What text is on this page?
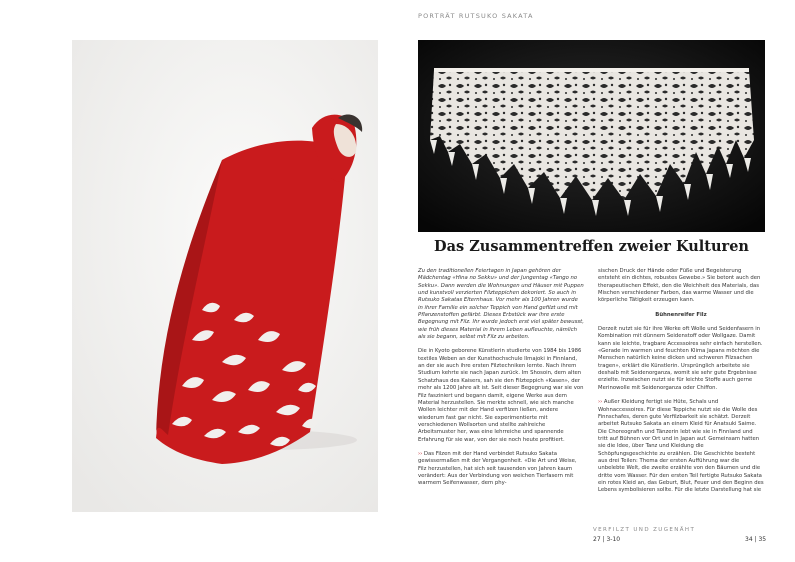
PORTRÄT RUTSUKO SAKATA
Das Zusammentreffen zweier Kulturen

Zu den traditionellen Feiertagen in Japan gehören der Mädchentag «Hina no Sekku» und der Jungentag «Tango no Sekku». Dann werden die Wohnungen und Häuser mit Puppen und kunstvoll verzierten Filzteppichen dekoriert. So auch in Rutsuko Sakatas Elternhaus. Vor mehr als 100 Jahren wurde in ihrer Familie ein solcher Teppich von Hand gefilzt und mit Pflanzenstoffen gefärbt. Dieses Erbstück war ihre erste Begegnung mit Filz. Ihr wurde jedoch erst viel später bewusst, wie früh dieses Material in ihrem Leben aufleuchte, nämlich als sie begann, selbst mit Filz zu arbeiten.

Die in Kyoto geborene Künstlerin studierte von 1984 bis 1986 textiles Weben an der Kunsthochschule Ilmajoki in Finnland, an der sie auch ihre ersten Filztechniken lernte. Nach ihrem Studium kehrte sie nach Japan zurück. Im Shosoin, dem alten Schatzhaus des Kaisers, sah sie den Filzteppich «Kasen», der mehr als 1200 Jahre alt ist. Seit dieser Begegnung war sie von Filz fasziniert und begann damit, eigene Werke aus dem Material herzustellen. Sie merkte schnell, wie sich manche Wollen leichter mit der Hand verfilzen ließen, andere wiederum fast gar nicht. Sie experimentierte mit verschiedenen Wollsorten und stellte zahlreiche Arbeitsmuster her, was eine lehrreiche und spannende Erfahrung für sie war, von der sie noch heute profitiert.

›› Das Filzen mit der Hand verbindet Rutsuko Sakata gewissermaßen mit der Vergangenheit. «Die Art und Weise, Filz herzustellen, hat sich seit tausenden von Jahren kaum verändert: Aus der Verbindung von weichen Tierfasern mit warmem Seifenwasser, dem phy-

sischen Druck der Hände oder Füße und Begeisterung entsteht ein dichtes, robustes Gewebe.» Sie betont auch den therapeutischen Effekt, den die Weichheit des Materials, das Mischen verschiedener Farben, das warme Wasser und die körperliche Tätigkeit erzeugen kann.

Bühnenreifer Filz

Derzeit nutzt sie für ihre Werke oft Wolle und Seidenfasern in Kombination mit dünnem Seidenstoff oder Wollgaze. Damit kann sie leichte, tragbare Accessoires sehr einfach herstellen. «Gerade im warmen und feuchten Klima Japans möchten die Menschen natürlich keine dicken und schweren Filzsachen tragen», erklärt die Künstlerin. Ursprünglich arbeitete sie deshalb mit Seidenorganza, womit sie sehr gute Ergebnisse erzielte. Inzwischen nutzt sie für leichte Stoffe auch gerne Merinowolle mit Seidenorganza oder Chiffon.

›› Außer Kleidung fertigt sie Hüte, Schals und Wohnaccessoires. Für diese Teppiche nutzt sie die Wolle des Finnschafes, deren gute Verfilzbarkeit sie schätzt. Derzeit arbeitet Rutsuko Sakata an einem Kleid für Anatsuki Saime. Die Choreografin und Tänzerin lebt wie sie in Finnland und tritt auf Bühnen vor Ort und in Japan auf. Gemeinsam hatten sie die Idee, über Tanz und Kleidung die Schöpfungsgeschichte zu erzählen. Die Geschichte besteht aus drei Teilen: Thema der ersten Aufführung war die unbelebte Welt, die zweite erzählte von den Bäumen und die dritte vom Wasser. Für den ersten Teil fertigte Rutsuko Sakata ein rotes Kleid an, das Geburt, Blut, Feuer und den Beginn des Lebens symbolisieren sollte. Für die letzte Darstellung hat sie

VERFILZT UND ZUGENÄHT
27 | 3-10	34 | 35
